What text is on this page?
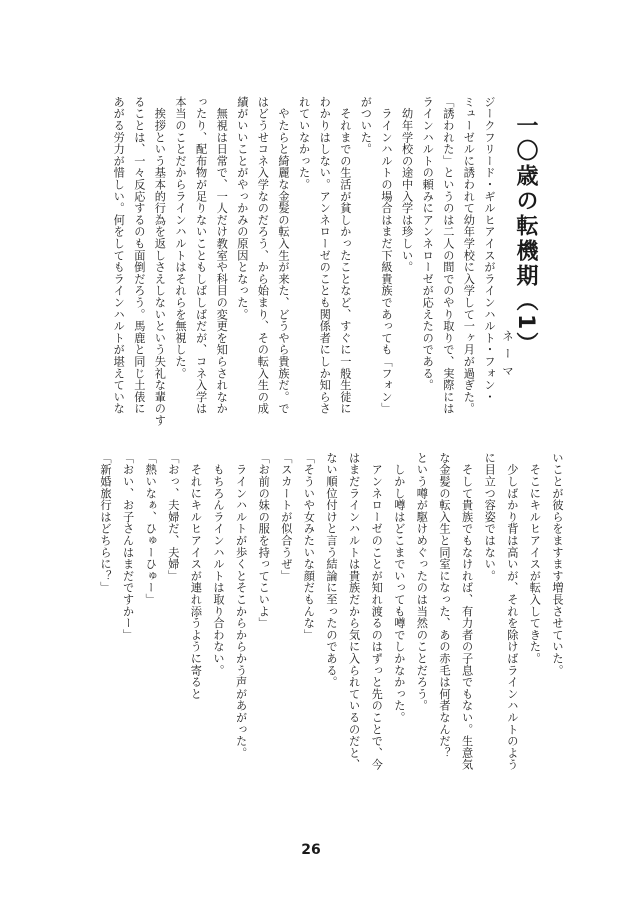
一〇歳の転機期（1）
ネーマ
ジークフリード・ギルヒアイスがラインハルト・フォン・
ミューゼルに誘われて幼年学校に入学して一ヶ月が過ぎた。
「誘われた」というのは二人の間でのやり取りで、実際には
ラインハルトの頼みにアンネローゼが応えたのである。
　幼年学校の途中入学は珍しい。
　ラインハルトの場合はまだ下級貴族であっても「フォン」
がついた。
　それまでの生活が貧しかったことなど、すぐに一般生徒に
わかりはしない。アンネローゼのことも関係者にしか知らさ
れていなかった。
　やたらと綺麗な金髪の転入生が来た、どうやら貴族だ。で
はどうせコネ入学なのだろう、から始まり、その転入生の成
績がいいことがやっかみの原因となった。
　無視は日常で、一人だけ教室や科目の変更を知らされなか
ったり、配布物が足りないこともしばしばだが、コネ入学は
本当のことだからラインハルトはそれらを無視した。
　挨拶という基本的行為を返しさえしないという失礼な輩のす
ることは、一々反応するのも面倒だろう。馬鹿と同じ土俵に
あがる労力が惜しい。何をしてもラインハルトが堪えていな
いことが彼らをますます増長させていた。
　そこにキルヒアイスが転入してきた。
　少しばかり背は高いが、それを除けばラインハルトのよう
に目立つ容姿ではない。
　そして貴族でもなければ、有力者の子息でもない。生意気
な金髪の転入生と同室になった、あの赤毛は何者なんだ？
という噂が駆けめぐったのは当然のことだろう。
　しかし噂はどこまでいっても噂でしかなかった。
　アンネローゼのことが知れ渡るのはずっと先のことで、今
はまだラインハルトは貴族だから気に入られているのだと、
ない順位付けと言う結論に至ったのである。
「そういや女みたいな顔だもんな」
「スカートが似合うぜ」
「お前の妹の服を持ってこいよ」
　ラインハルトが歩くとそこからからかう声があがった。
　もちろんラインハルトは取り合わない。
　それにキルヒアイスが連れ添うように寄ると
「おっ、夫婦だ、夫婦」
「熱いなぁ、ひゅーひゅー」
「おい、お子さんはまだですかー」
「新婚旅行はどちらに？」
26
